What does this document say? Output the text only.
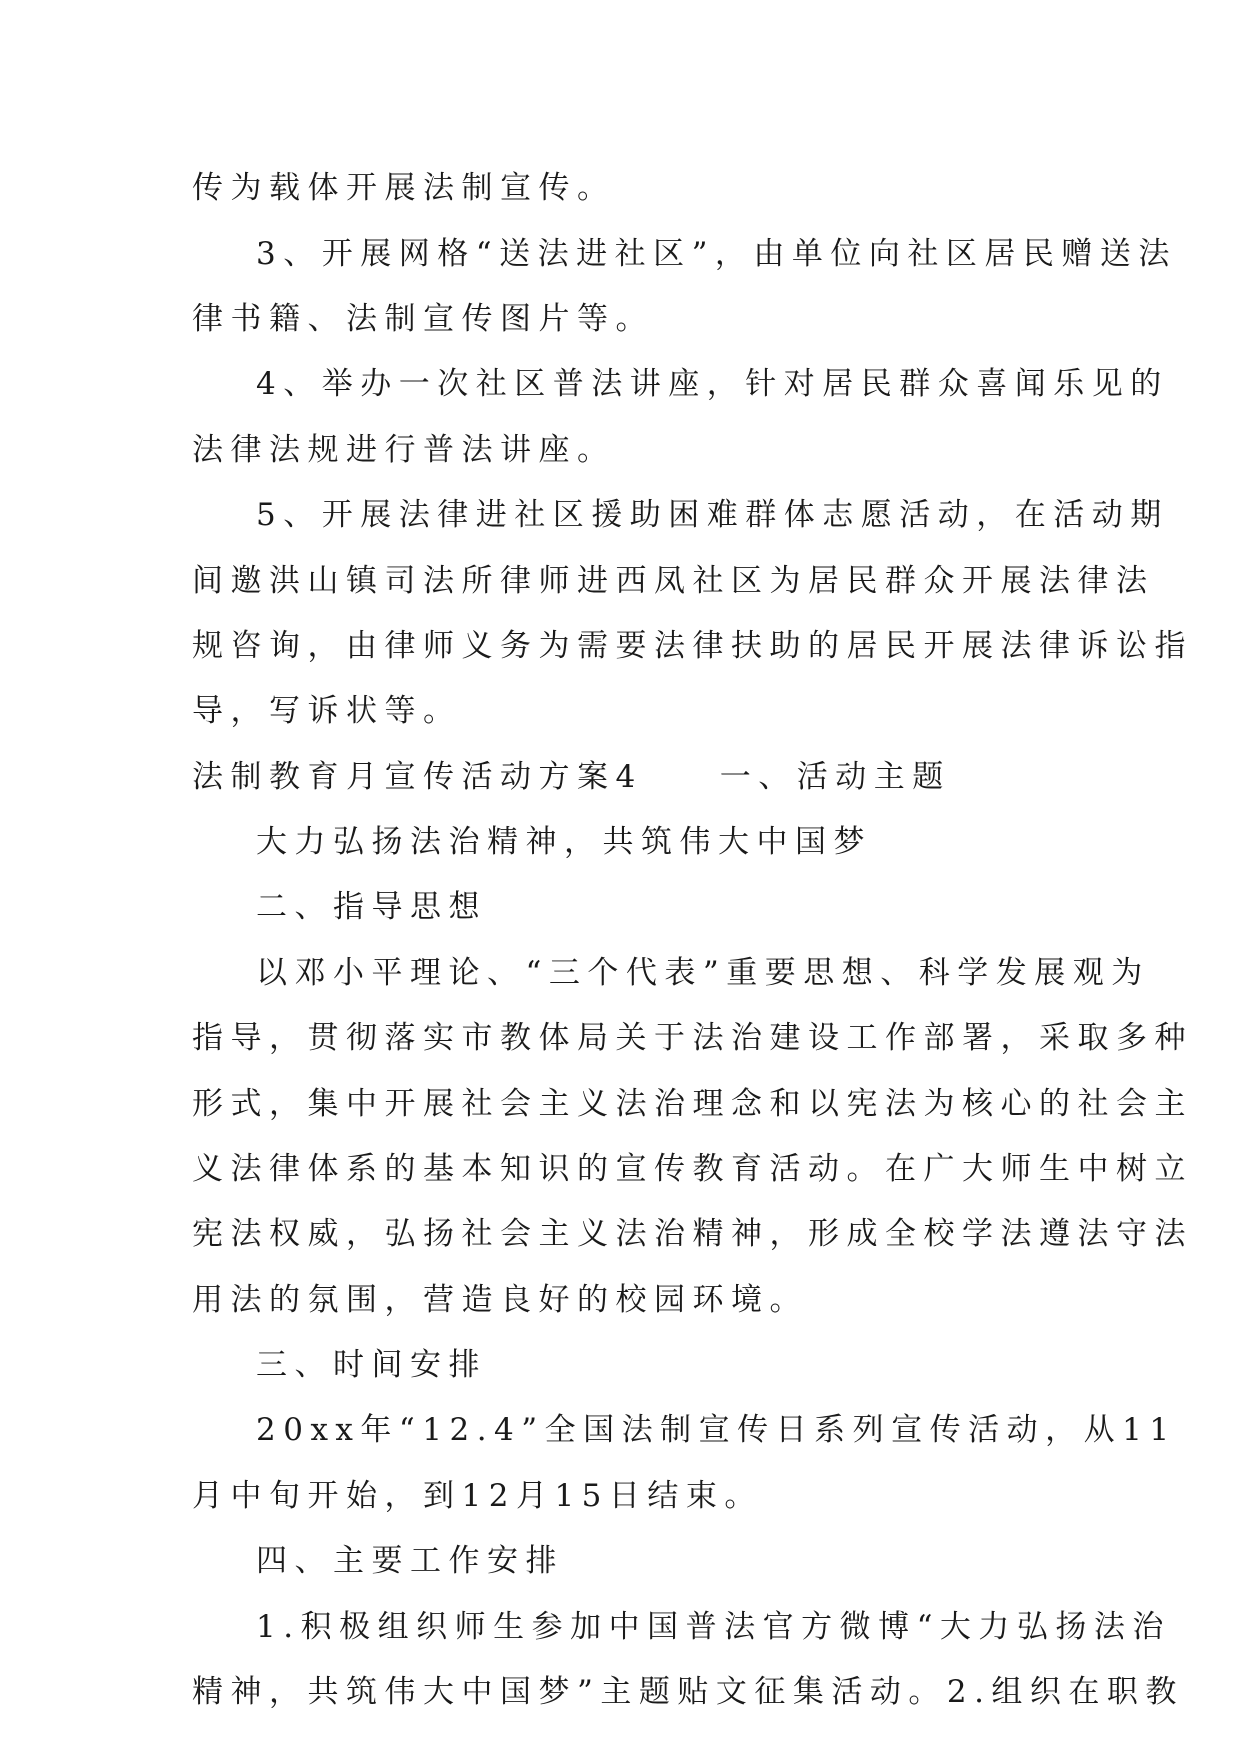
传为载体开展法制宣传。
3、开展网格“送法进社区”，由单位向社区居民赠送法
律书籍、法制宣传图片等。
4、举办一次社区普法讲座，针对居民群众喜闻乐见的
法律法规进行普法讲座。
5、开展法律进社区援助困难群体志愿活动，在活动期
间邀洪山镇司法所律师进西凤社区为居民群众开展法律法
规咨询，由律师义务为需要法律扶助的居民开展法律诉讼指
导，写诉状等。
法制教育月宣传活动方案4　　一、活动主题
大力弘扬法治精神，共筑伟大中国梦
二、指导思想
以邓小平理论、“三个代表”重要思想、科学发展观为
指导，贯彻落实市教体局关于法治建设工作部署，采取多种
形式，集中开展社会主义法治理念和以宪法为核心的社会主
义法律体系的基本知识的宣传教育活动。在广大师生中树立
宪法权威，弘扬社会主义法治精神，形成全校学法遵法守法
用法的氛围，营造良好的校园环境。
三、时间安排
20xx年“12.4”全国法制宣传日系列宣传活动，从11
月中旬开始，到12月15日结束。
四、主要工作安排
1.积极组织师生参加中国普法官方微博“大力弘扬法治
精神，共筑伟大中国梦”主题贴文征集活动。2.组织在职教
